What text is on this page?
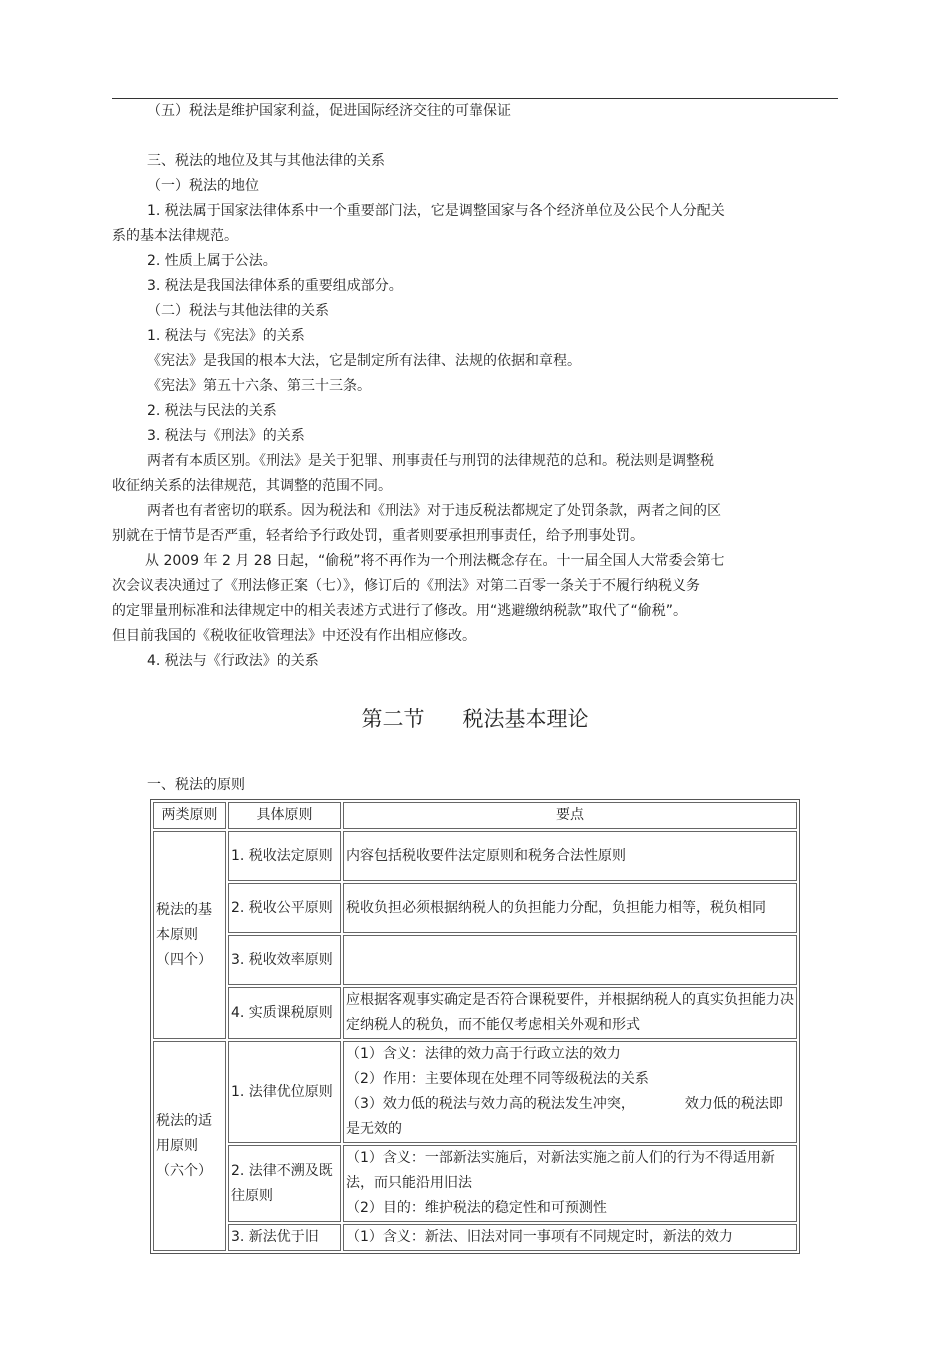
（五）税法是维护国家利益，促进国际经济交往的可靠保证
三、税法的地位及其与其他法律的关系
（一）税法的地位
1. 税法属于国家法律体系中一个重要部门法，它是调整国家与各个经济单位及公民个人分配关
系的基本法律规范。
2. 性质上属于公法。
3. 税法是我国法律体系的重要组成部分。
（二）税法与其他法律的关系
1. 税法与《宪法》的关系
《宪法》是我国的根本大法，它是制定所有法律、法规的依据和章程。
《宪法》第五十六条、第三十三条。
2. 税法与民法的关系
3. 税法与《刑法》的关系
两者有本质区别。《刑法》是关于犯罪、刑事责任与刑罚的法律规范的总和。税法则是调整税
收征纳关系的法律规范，其调整的范围不同。
两者也有者密切的联系。因为税法和《刑法》对于违反税法都规定了处罚条款，两者之间的区
别就在于情节是否严重，轻者给予行政处罚，重者则要承担刑事责任，给予刑事处罚。
从 2009 年 2 月 28 日起，“偷税”将不再作为一个刑法概念存在。十一届全国人大常委会第七
次会议表决通过了《刑法修正案（七）》，修订后的《刑法》对第二百零一条关于不履行纳税义务
的定罪量刑标准和法律规定中的相关表述方式进行了修改。用“逃避缴纳税款”取代了“偷税”。
但目前我国的《税收征收管理法》中还没有作出相应修改。
4. 税法与《行政法》的关系
第二节 税法基本理论
一、税法的原则
两类原则	具体原则	要点
税法的基本原则（四个）	1. 税收法定原则	内容包括税收要件法定原则和税务合法性原则
	2. 税收公平原则	税收负担必须根据纳税人的负担能力分配，负担能力相等，税负相同
	3. 税收效率原则	
	4. 实质课税原则	应根据客观事实确定是否符合课税要件，并根据纳税人的真实负担能力决定纳税人的税负，而不能仅考虑相关外观和形式
税法的适用原则（六个）	1. 法律优位原则	（1）含义：法律的效力高于行政立法的效力
（2）作用：主要体现在处理不同等级税法的关系
（3）效力低的税法与效力高的税法发生冲突， 效力低的税法即是无效的

	2. 法律不溯及既往原则	（1）含义：一部新法实施后，对新法实施之前人们的行为不得适用新法，而只能沿用旧法
（2）目的：维护税法的稳定性和可预测性

	3. 新法优于旧	（1）含义：新法、旧法对同一事项有不同规定时，新法的效力
